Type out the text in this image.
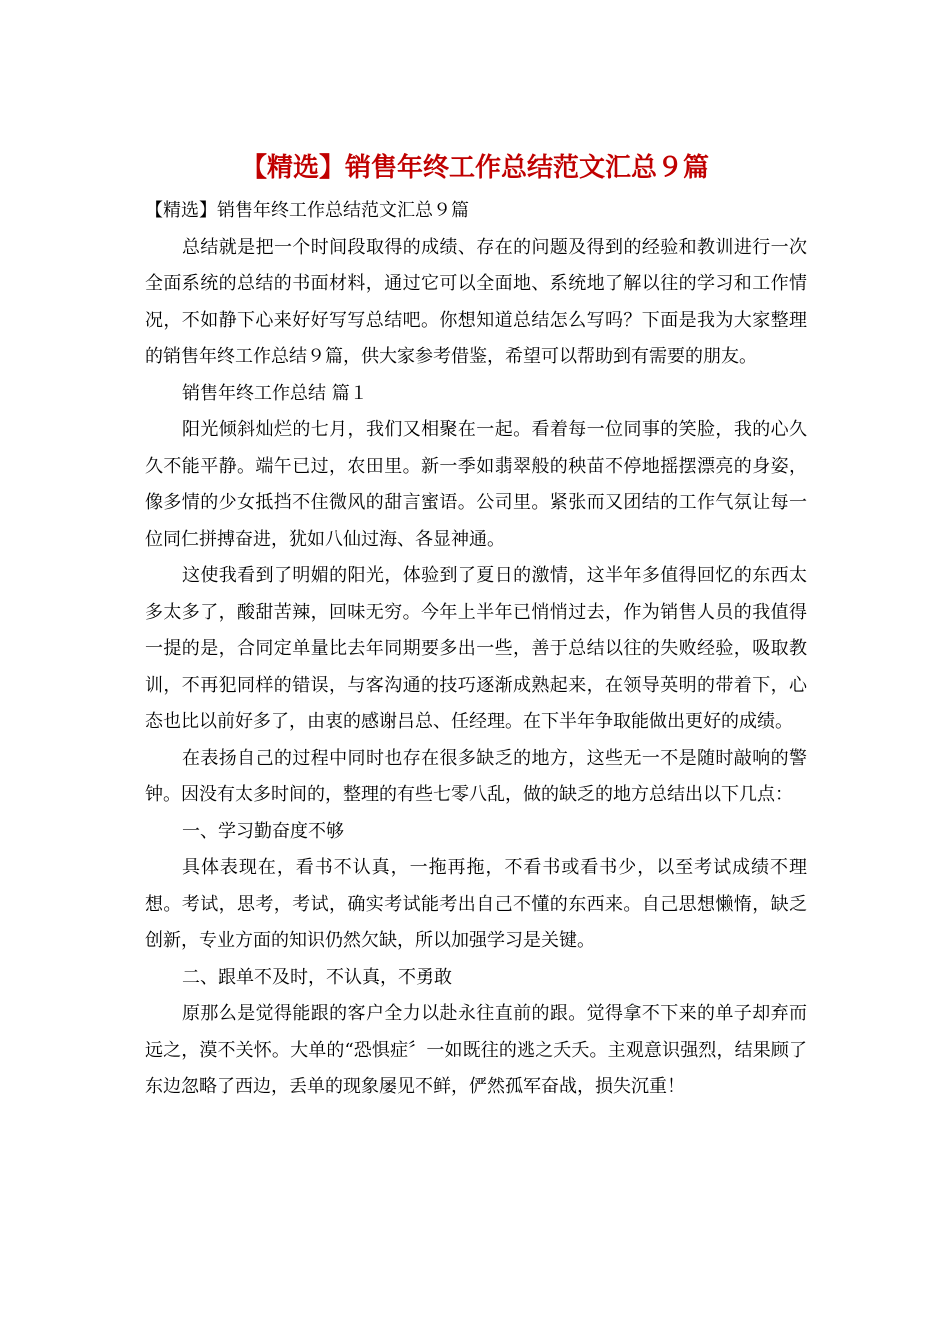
【精选】销售年终工作总结范文汇总９篇

【精选】销售年终工作总结范文汇总９篇

总结就是把一个时间段取得的成绩、存在的问题及得到的经验和教训进行一次全面系统的总结的书面材料，通过它可以全面地、系统地了解以往的学习和工作情况，不如静下心来好好写写总结吧。你想知道总结怎么写吗？下面是我为大家整理的销售年终工作总结９篇，供大家参考借鉴，希望可以帮助到有需要的朋友。

销售年终工作总结 篇１

阳光倾斜灿烂的七月，我们又相聚在一起。看着每一位同事的笑脸，我的心久久不能平静。端午已过，农田里。新一季如翡翠般的秧苗不停地摇摆漂亮的身姿，像多情的少女抵挡不住微风的甜言蜜语。公司里。紧张而又团结的工作气氛让每一位同仁拼搏奋进，犹如八仙过海、各显神通。

这使我看到了明媚的阳光，体验到了夏日的激情，这半年多值得回忆的东西太多太多了，酸甜苦辣，回味无穷。今年上半年已悄悄过去，作为销售人员的我值得一提的是，合同定单量比去年同期要多出一些，善于总结以往的失败经验，吸取教训，不再犯同样的错误，与客沟通的技巧逐渐成熟起来，在领导英明的带着下，心态也比以前好多了，由衷的感谢吕总、任经理。在下半年争取能做出更好的成绩。

在表扬自己的过程中同时也存在很多缺乏的地方，这些无一不是随时敲响的警钟。因没有太多时间的，整理的有些七零八乱，做的缺乏的地方总结出以下几点：

一、学习勤奋度不够

具体表现在，看书不认真，一拖再拖，不看书或看书少，以至考试成绩不理想。考试，思考，考试，确实考试能考出自己不懂的东西来。自己思想懒惰，缺乏创新，专业方面的知识仍然欠缺，所以加强学习是关键。

二、跟单不及时，不认真，不勇敢

原那么是觉得能跟的客户全力以赴永往直前的跟。觉得拿不下来的单子却弃而远之，漠不关怀。大单的“恐惧症〞一如既往的逃之夭夭。主观意识强烈，结果顾了东边忽略了西边，丢单的现象屡见不鲜，俨然孤军奋战，损失沉重！
